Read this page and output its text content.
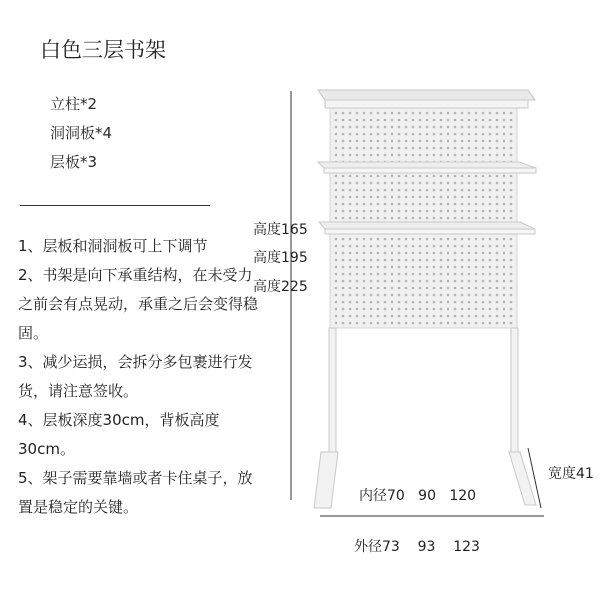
白色三层书架
立柱*2
洞洞板*4
层板*3
1、层板和洞洞板可上下调节
2、书架是向下承重结构，在未受力之前会有点晃动，承重之后会变得稳固。
3、减少运损，会拆分多包裹进行发货，请注意签收。
4、层板深度30cm，背板高度30cm。
5、架子需要靠墙或者卡住桌子，放置是稳定的关键。
高度165
高度195
高度225
宽度41
内径70   90   120
外径73    93    123
